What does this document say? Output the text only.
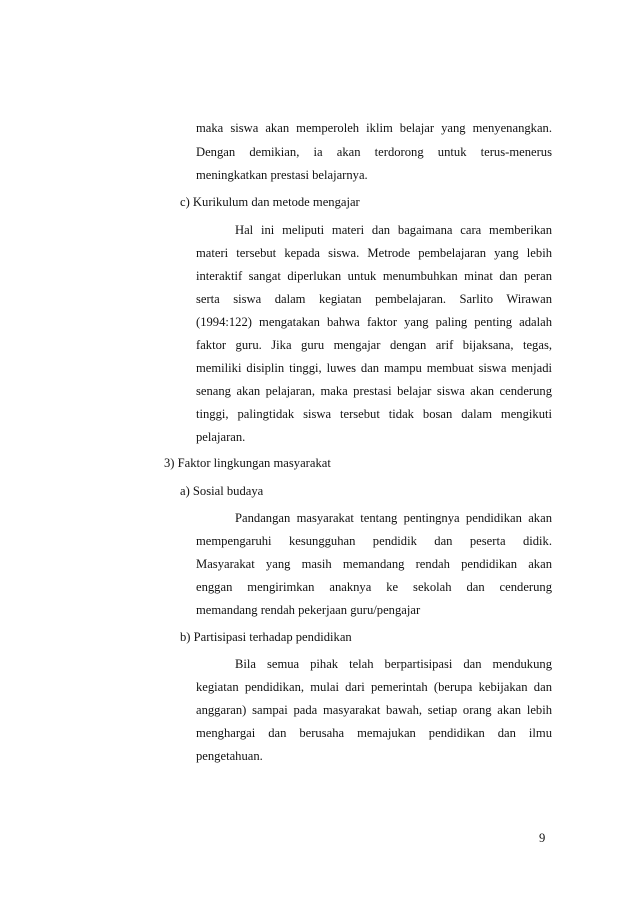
maka siswa akan memperoleh iklim belajar yang menyenangkan.
Dengan demikian, ia akan terdorong untuk terus-menerus
meningkatkan prestasi belajarnya.
c) Kurikulum dan metode mengajar
Hal ini meliputi materi dan bagaimana cara memberikan
materi tersebut kepada siswa. Metrode pembelajaran yang lebih
interaktif sangat diperlukan untuk menumbuhkan minat dan peran
serta siswa dalam kegiatan pembelajaran. Sarlito Wirawan
(1994:122) mengatakan bahwa faktor yang paling penting adalah
faktor guru. Jika guru mengajar dengan arif bijaksana, tegas,
memiliki disiplin tinggi, luwes dan mampu membuat siswa menjadi
senang akan pelajaran, maka prestasi belajar siswa akan cenderung
tinggi, palingtidak siswa tersebut tidak bosan dalam mengikuti
pelajaran.
3) Faktor lingkungan masyarakat
a) Sosial budaya
Pandangan masyarakat tentang pentingnya pendidikan akan
mempengaruhi kesungguhan pendidik dan peserta didik.
Masyarakat yang masih memandang rendah pendidikan akan
enggan mengirimkan anaknya ke sekolah dan cenderung
memandang rendah pekerjaan guru/pengajar
b) Partisipasi terhadap pendidikan
Bila semua pihak telah berpartisipasi dan mendukung
kegiatan pendidikan, mulai dari pemerintah (berupa kebijakan dan
anggaran) sampai pada masyarakat bawah, setiap orang akan lebih
menghargai dan berusaha memajukan pendidikan dan ilmu
pengetahuan.
9
